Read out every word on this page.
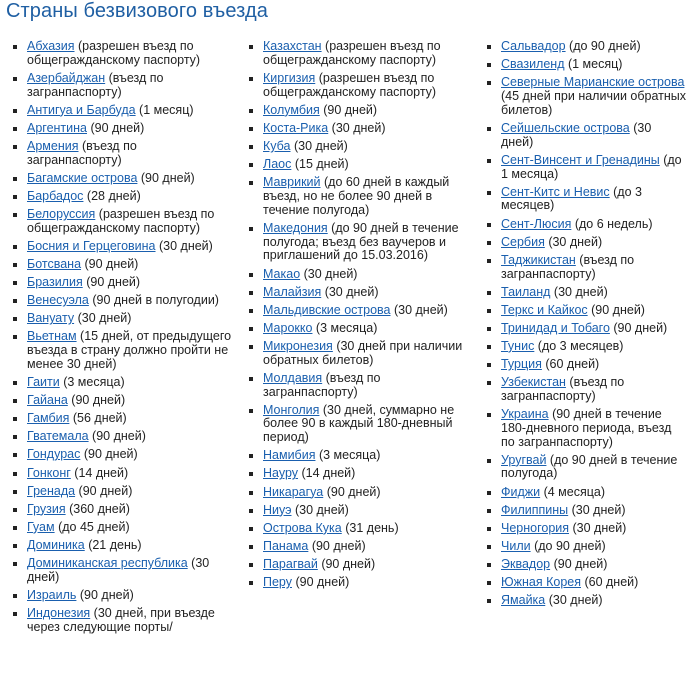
Страны безвизового въезда
Абхазия (разрешен въезд по общегражданскому паспорту)
Азербайджан (въезд по загранпаспорту)
Антигуа и Барбуда (1 месяц)
Аргентина (90 дней)
Армения (въезд по загранпаспорту)
Багамские острова (90 дней)
Барбадос (28 дней)
Белоруссия (разрешен въезд по общегражданскому паспорту)
Босния и Герцеговина (30 дней)
Ботсвана (90 дней)
Бразилия (90 дней)
Венесуэла (90 дней в полугодии)
Вануату (30 дней)
Вьетнам (15 дней, от предыдущего въезда в страну должно пройти не менее 30 дней)
Гаити (3 месяца)
Гайана (90 дней)
Гамбия (56 дней)
Гватемала (90 дней)
Гондурас (90 дней)
Гонконг (14 дней)
Гренада (90 дней)
Грузия (360 дней)
Гуам (до 45 дней)
Доминика (21 день)
Доминиканская республика (30 дней)
Израиль (90 дней)
Индонезия (30 дней, при въезде через следующие порты/
Казахстан (разрешен въезд по общегражданскому паспорту)
Киргизия (разрешен въезд по общегражданскому паспорту)
Колумбия (90 дней)
Коста-Рика (30 дней)
Куба (30 дней)
Лаос (15 дней)
Маврикий (до 60 дней в каждый въезд, но не более 90 дней в течение полугода)
Македония (до 90 дней в течение полугода; въезд без ваучеров и приглашений до 15.03.2016)
Макао (30 дней)
Малайзия (30 дней)
Мальдивские острова (30 дней)
Марокко (3 месяца)
Микронезия (30 дней при наличии обратных билетов)
Молдавия (въезд по загранпаспорту)
Монголия (30 дней, суммарно не более 90 в каждый 180-дневный период)
Намибия (3 месяца)
Науру (14 дней)
Никарагуа (90 дней)
Ниуэ (30 дней)
Острова Кука (31 день)
Панама (90 дней)
Парагвай (90 дней)
Перу (90 дней)
Сальвадор (до 90 дней)
Свазиленд (1 месяц)
Северные Марианские острова (45 дней при наличии обратных билетов)
Сейшельские острова (30 дней)
Сент-Винсент и Гренадины (до 1 месяца)
Сент-Китс и Невис (до 3 месяцев)
Сент-Люсия (до 6 недель)
Сербия (30 дней)
Таджикистан (въезд по загранпаспорту)
Таиланд (30 дней)
Теркс и Кайкос (90 дней)
Тринидад и Тобаго (90 дней)
Тунис (до 3 месяцев)
Турция (60 дней)
Узбекистан (въезд по загранпаспорту)
Украина (90 дней в течение 180-дневного периода, въезд по загранпаспорту)
Уругвай (до 90 дней в течение полугода)
Фиджи (4 месяца)
Филиппины (30 дней)
Черногория (30 дней)
Чили (до 90 дней)
Эквадор (90 дней)
Южная Корея (60 дней)
Ямайка (30 дней)
